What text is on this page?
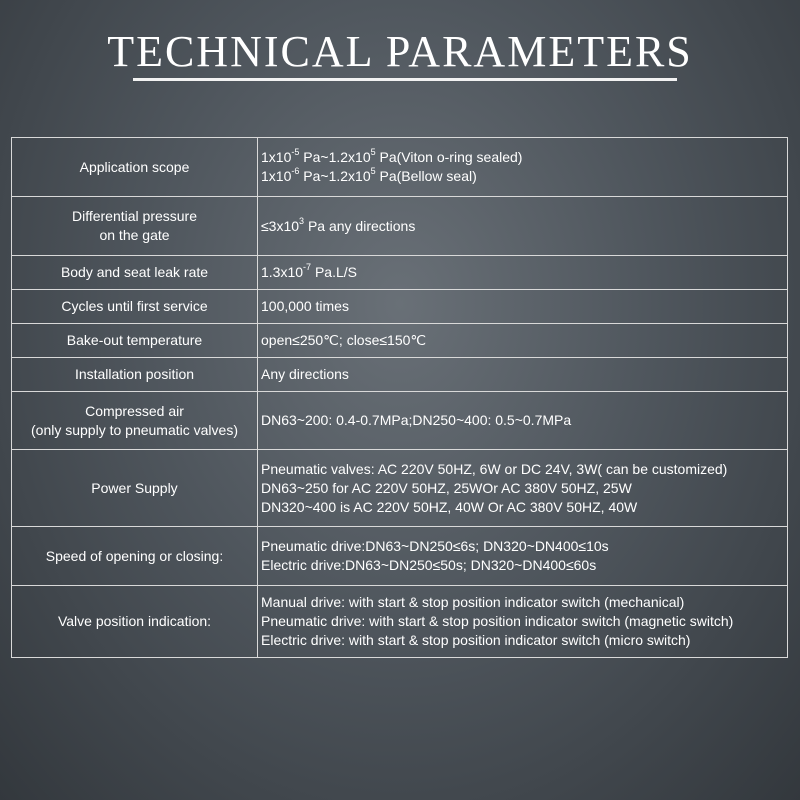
TECHNICAL PARAMETERS
Application scope	$1x10^{-5}$ $Pa\sim 1.2x10^5$ Pa(Viton o-ring sealed)
$1x10^{-6}$ $Pa\sim 1.2x10^5$ Pa(Bellow seal)

Differential pressure
on the gate	$\le 3x10^3$ Pa any directions

Body and seat leak rate	$1.3x10^{-7}$ Pa.L/S

Cycles until first service	100,000 times

Bake-out temperature	open≤250℃; close≤150℃

Installation position	Any directions

Compressed air
(only supply to pneumatic valves)	DN63~200: 0.4-0.7MPa;DN250~400: 0.5~0.7MPa

Power Supply	Pneumatic valves: AC 220V 50HZ, 6W or DC 24V, 3W( can be customized)
DN63~250 for AC 220V 50HZ, 25WOr AC 380V 50HZ, 25W
DN320~400 is AC 220V 50HZ, 40W Or AC 380V 50HZ, 40W

Speed of opening or closing:	Pneumatic drive:DN63~DN250≤6s; DN320~DN400≤10s
Electric drive:DN63~DN250≤50s; DN320~DN400≤60s

Valve position indication:	Manual drive: with start & stop position indicator switch (mechanical)
Pneumatic drive: with start & stop position indicator switch (magnetic switch)
Electric drive: with start & stop position indicator switch (micro switch)
